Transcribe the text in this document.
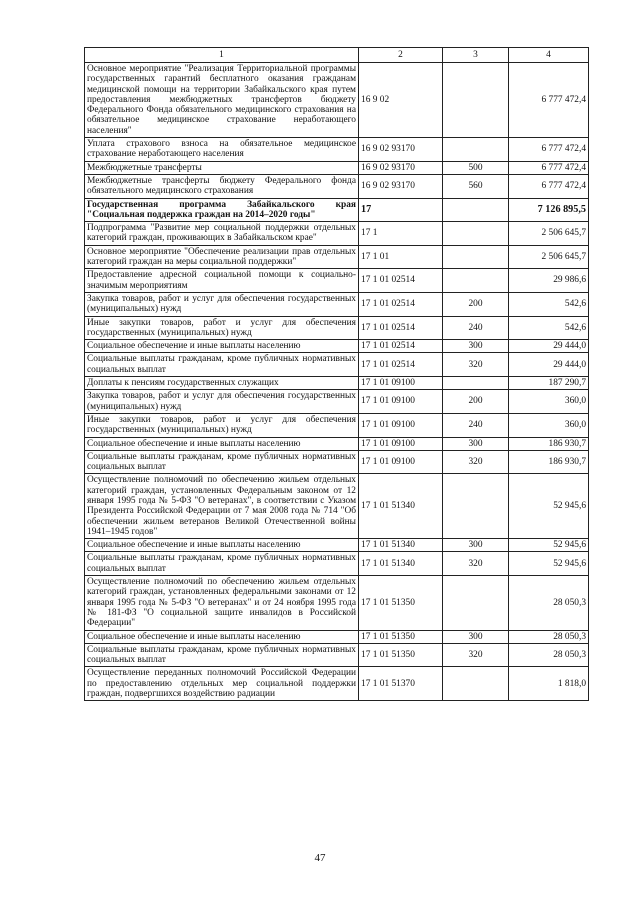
1	2	3	4
Основное мероприятие "Реализация Территориальной программы государственных гарантий бесплатного оказания гражданам медицинской помощи на территории Забайкальского края путем предоставления межбюджетных трансфертов бюджету Федерального Фонда обязательного медицинского страхования на обязательное медицинское страхование неработающего населения"	16 9 02		6 777 472,4
Уплата страхового взноса на обязательное медицинское страхование неработающего населения	16 9 02 93170		6 777 472,4
Межбюджетные трансферты	16 9 02 93170	500	6 777 472,4
Межбюджетные трансферты бюджету Федерального фонда обязательного медицинского страхования	16 9 02 93170	560	6 777 472,4
Государственная программа Забайкальского края "Социальная поддержка граждан на 2014–2020 годы"	17		7 126 895,5
Подпрограмма "Развитие мер социальной поддержки отдельных категорий граждан, проживающих в Забайкальском крае"	17 1		2 506 645,7
Основное мероприятие "Обеспечение реализации прав отдельных категорий граждан на меры социальной поддержки"	17 1 01		2 506 645,7
Предоставление адресной социальной помощи к социально-значимым мероприятиям	17 1 01 02514		29 986,6
Закупка товаров, работ и услуг для обеспечения государственных (муниципальных) нужд	17 1 01 02514	200	542,6
Иные закупки товаров, работ и услуг для обеспечения государственных (муниципальных) нужд	17 1 01 02514	240	542,6
Социальное обеспечение и иные выплаты населению	17 1 01 02514	300	29 444,0
Социальные выплаты гражданам, кроме публичных нормативных социальных выплат	17 1 01 02514	320	29 444,0
Доплаты к пенсиям государственных служащих	17 1 01 09100		187 290,7
Закупка товаров, работ и услуг для обеспечения государственных (муниципальных) нужд	17 1 01 09100	200	360,0
Иные закупки товаров, работ и услуг для обеспечения государственных (муниципальных) нужд	17 1 01 09100	240	360,0
Социальное обеспечение и иные выплаты населению	17 1 01 09100	300	186 930,7
Социальные выплаты гражданам, кроме публичных нормативных социальных выплат	17 1 01 09100	320	186 930,7
Осуществление полномочий по обеспечению жильем отдельных категорий граждан, установленных Федеральным законом от 12 января 1995 года № 5-ФЗ "О ветеранах", в соответствии с Указом Президента Российской Федерации от 7 мая 2008 года № 714 "Об обеспечении жильем ветеранов Великой Отечественной войны 1941–1945 годов"	17 1 01 51340		52 945,6
Социальное обеспечение и иные выплаты населению	17 1 01 51340	300	52 945,6
Социальные выплаты гражданам, кроме публичных нормативных социальных выплат	17 1 01 51340	320	52 945,6
Осуществление полномочий по обеспечению жильем отдельных категорий граждан, установленных федеральными законами от 12 января 1995 года № 5-ФЗ "О ветеранах" и от 24 ноября 1995 года № 181-ФЗ "О социальной защите инвалидов в Российской Федерации"	17 1 01 51350		28 050,3
Социальное обеспечение и иные выплаты населению	17 1 01 51350	300	28 050,3
Социальные выплаты гражданам, кроме публичных нормативных социальных выплат	17 1 01 51350	320	28 050,3
Осуществление переданных полномочий Российской Федерации по предоставлению отдельных мер социальной поддержки граждан, подвергшихся воздействию радиации	17 1 01 51370		1 818,0
47
